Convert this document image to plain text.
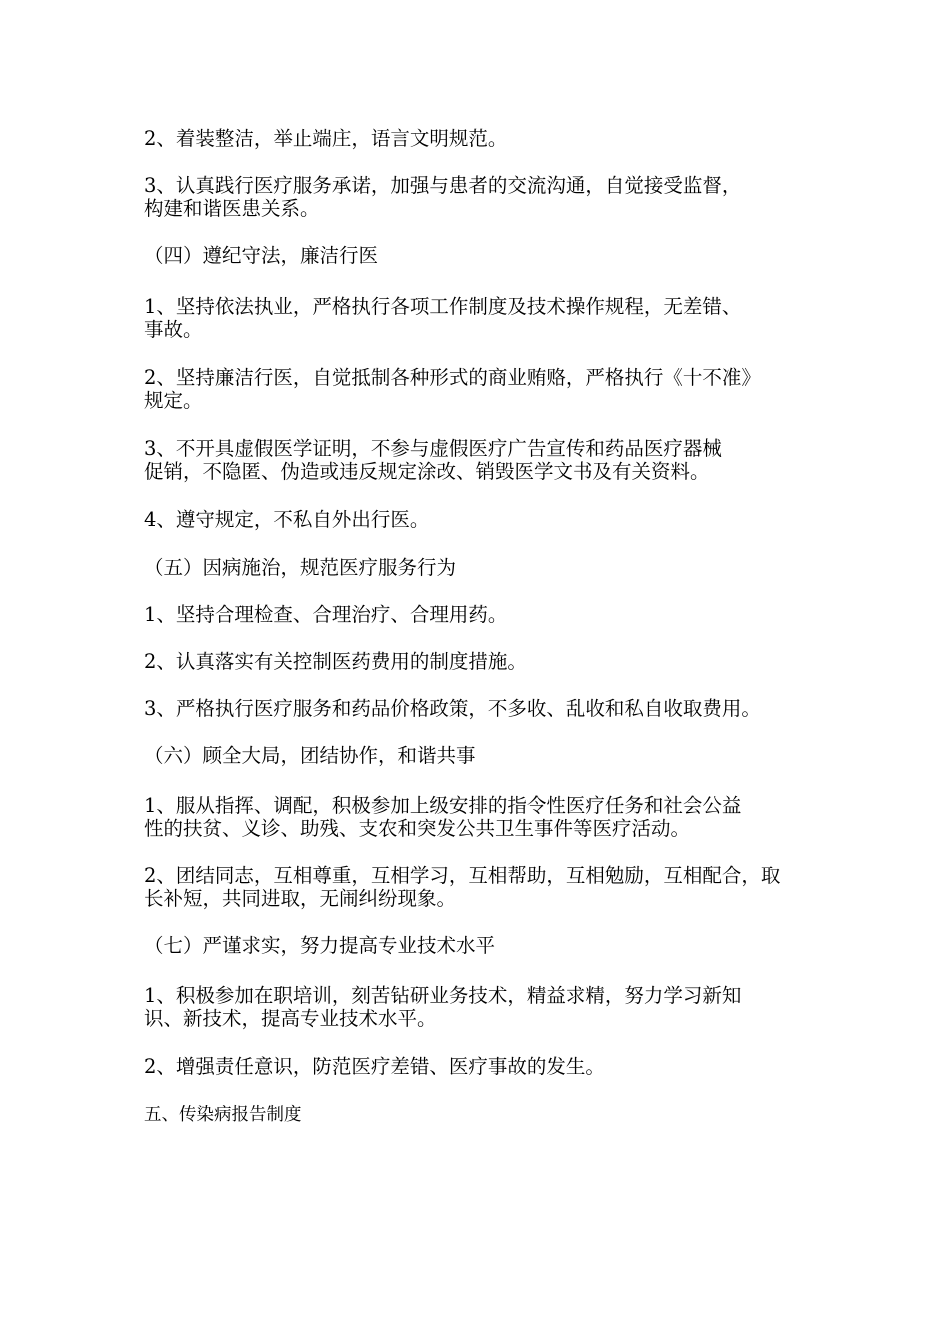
2、着装整洁，举止端庄，语言文明规范。

3、认真践行医疗服务承诺，加强与患者的交流沟通，自觉接受监督，
构建和谐医患关系。

（四）遵纪守法，廉洁行医

1、坚持依法执业，严格执行各项工作制度及技术操作规程，无差错、
事故。

2、坚持廉洁行医，自觉抵制各种形式的商业贿赂，严格执行《十不准》
规定。

3、不开具虚假医学证明，不参与虚假医疗广告宣传和药品医疗器械
促销，不隐匿、伪造或违反规定涂改、销毁医学文书及有关资料。

4、遵守规定，不私自外出行医。

（五）因病施治，规范医疗服务行为

1、坚持合理检查、合理治疗、合理用药。

2、认真落实有关控制医药费用的制度措施。

3、严格执行医疗服务和药品价格政策，不多收、乱收和私自收取费用。

（六）顾全大局，团结协作，和谐共事

1、服从指挥、调配，积极参加上级安排的指令性医疗任务和社会公益
性的扶贫、义诊、助残、支农和突发公共卫生事件等医疗活动。

2、团结同志，互相尊重，互相学习，互相帮助，互相勉励，互相配合，取
长补短，共同进取，无闹纠纷现象。

（七）严谨求实，努力提高专业技术水平

1、积极参加在职培训，刻苦钻研业务技术，精益求精，努力学习新知
识、新技术，提高专业技术水平。

2、增强责任意识，防范医疗差错、医疗事故的发生。

五、传染病报告制度
